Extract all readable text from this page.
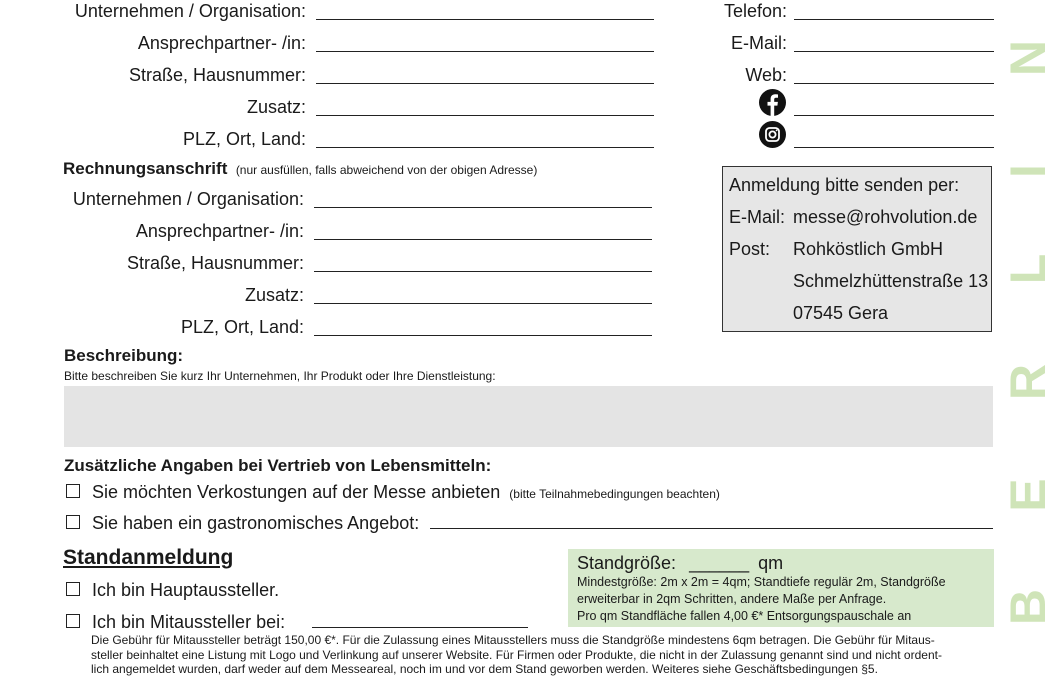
Unternehmen / Organisation:
Ansprechpartner- /in:
Straße, Hausnummer:
Zusatz:
PLZ, Ort, Land:
Telefon:
E-Mail:
Web:
Rechnungsanschrift (nur ausfüllen, falls abweichend von der obigen Adresse)
Unternehmen / Organisation:
Ansprechpartner- /in:
Straße, Hausnummer:
Zusatz:
PLZ, Ort, Land:
Anmeldung bitte senden per:
E-Mail: messe@rohvolution.de
Post: Rohköstlich GmbH
Schmelzhüttenstraße 13
07545 Gera
Beschreibung:
Bitte beschreiben Sie kurz Ihr Unternehmen, Ihr Produkt oder Ihre Dienstleistung:
Zusätzliche Angaben bei Vertrieb von Lebensmitteln:
Sie möchten Verkostungen auf der Messe anbieten (bitte Teilnahmebedingungen beachten)
Sie haben ein gastronomisches Angebot:
Standanmeldung
Ich bin Hauptaussteller.
Ich bin Mitaussteller bei:
Die Gebühr für Mitaussteller beträgt 150,00 €*. Für die Zulassung eines Mitausstellers muss die Standgröße mindestens 6qm betragen. Die Gebühr für Mitaus-
steller beinhaltet eine Listung mit Logo und Verlinkung auf unserer Website. Für Firmen oder Produkte, die nicht in der Zulassung genannt sind und nicht ordent-
lich angemeldet wurden, darf weder auf dem Messeareal, noch im und vor dem Stand geworben werden. Weiteres siehe Geschäftsbedingungen §5.
Standgröße: ______ qm
Mindestgröße: 2m x 2m = 4qm; Standtiefe regulär 2m, Standgröße
erweiterbar in 2qm Schritten, andere Maße per Anfrage.
Pro qm Standfläche fallen 4,00 €* Entsorgungspauschale an
N
I
L
R
E
B
